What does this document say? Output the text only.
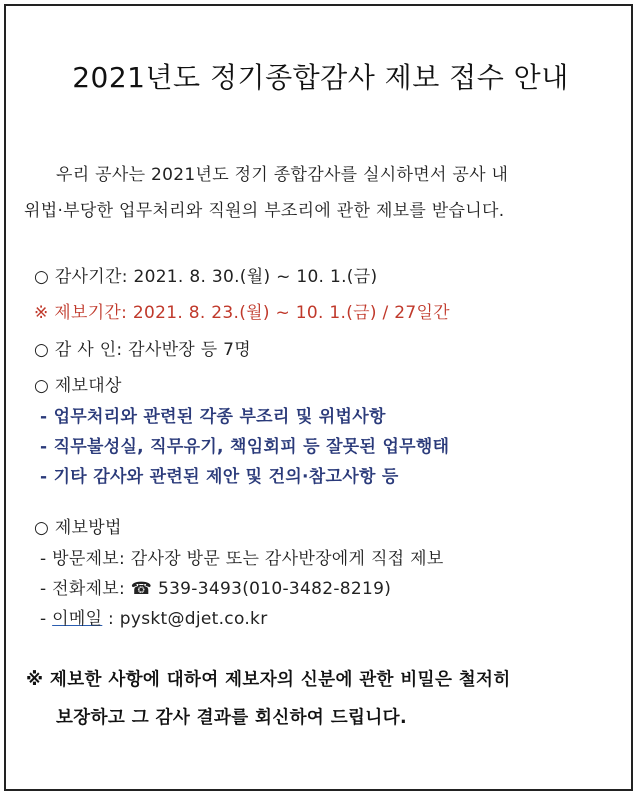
2021년도 정기종합감사 제보 접수 안내
우리 공사는 2021년도 정기 종합감사를 실시하면서 공사 내
위법·부당한 업무처리와 직원의 부조리에 관한 제보를 받습니다.
○ 감사기간: 2021. 8. 30.(월) ~ 10. 1.(금)
※ 제보기간: 2021. 8. 23.(월) ~ 10. 1.(금) / 27일간
○ 감 사 인: 감사반장 등 7명
○ 제보대상
- 업무처리와 관련된 각종 부조리 및 위법사항
- 직무불성실, 직무유기, 책임회피 등 잘못된 업무행태
- 기타 감사와 관련된 제안 및 건의·참고사항 등
○ 제보방법
- 방문제보: 감사장 방문 또는 감사반장에게 직접 제보
- 전화제보: ☎ 539-3493(010-3482-8219)
- 이메일 : pyskt@djet.co.kr
※ 제보한 사항에 대하여 제보자의 신분에 관한 비밀은 철저히
보장하고 그 감사 결과를 회신하여 드립니다.
